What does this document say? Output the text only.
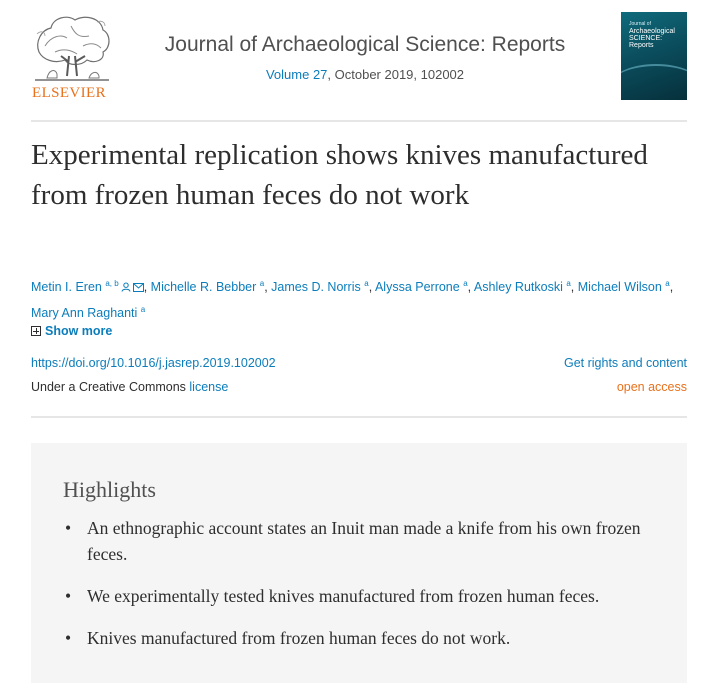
ELSEVIER
Journal of Archaeological Science: Reports
Volume 27, October 2019, 102002
Journal of
Archaeological SCIENCE: Reports
Experimental replication shows knives manufactured from frozen human feces do not work
Metin I. Eren $^{a, b}$ , Michelle R. Bebber $^a$, James D. Norris $^a$, Alyssa Perrone $^a$, Ashley Rutkoski $^a$, Michael Wilson $^a$,
Mary Ann Raghanti $^a$
Show more
https://doi.org/10.1016/j.jasrep.2019.102002
Under a Creative Commons license
Get rights and content
open access
Highlights
• An ethnographic account states an Inuit man made a knife from his own frozen feces.
• We experimentally tested knives manufactured from frozen human feces.
• Knives manufactured from frozen human feces do not work.
